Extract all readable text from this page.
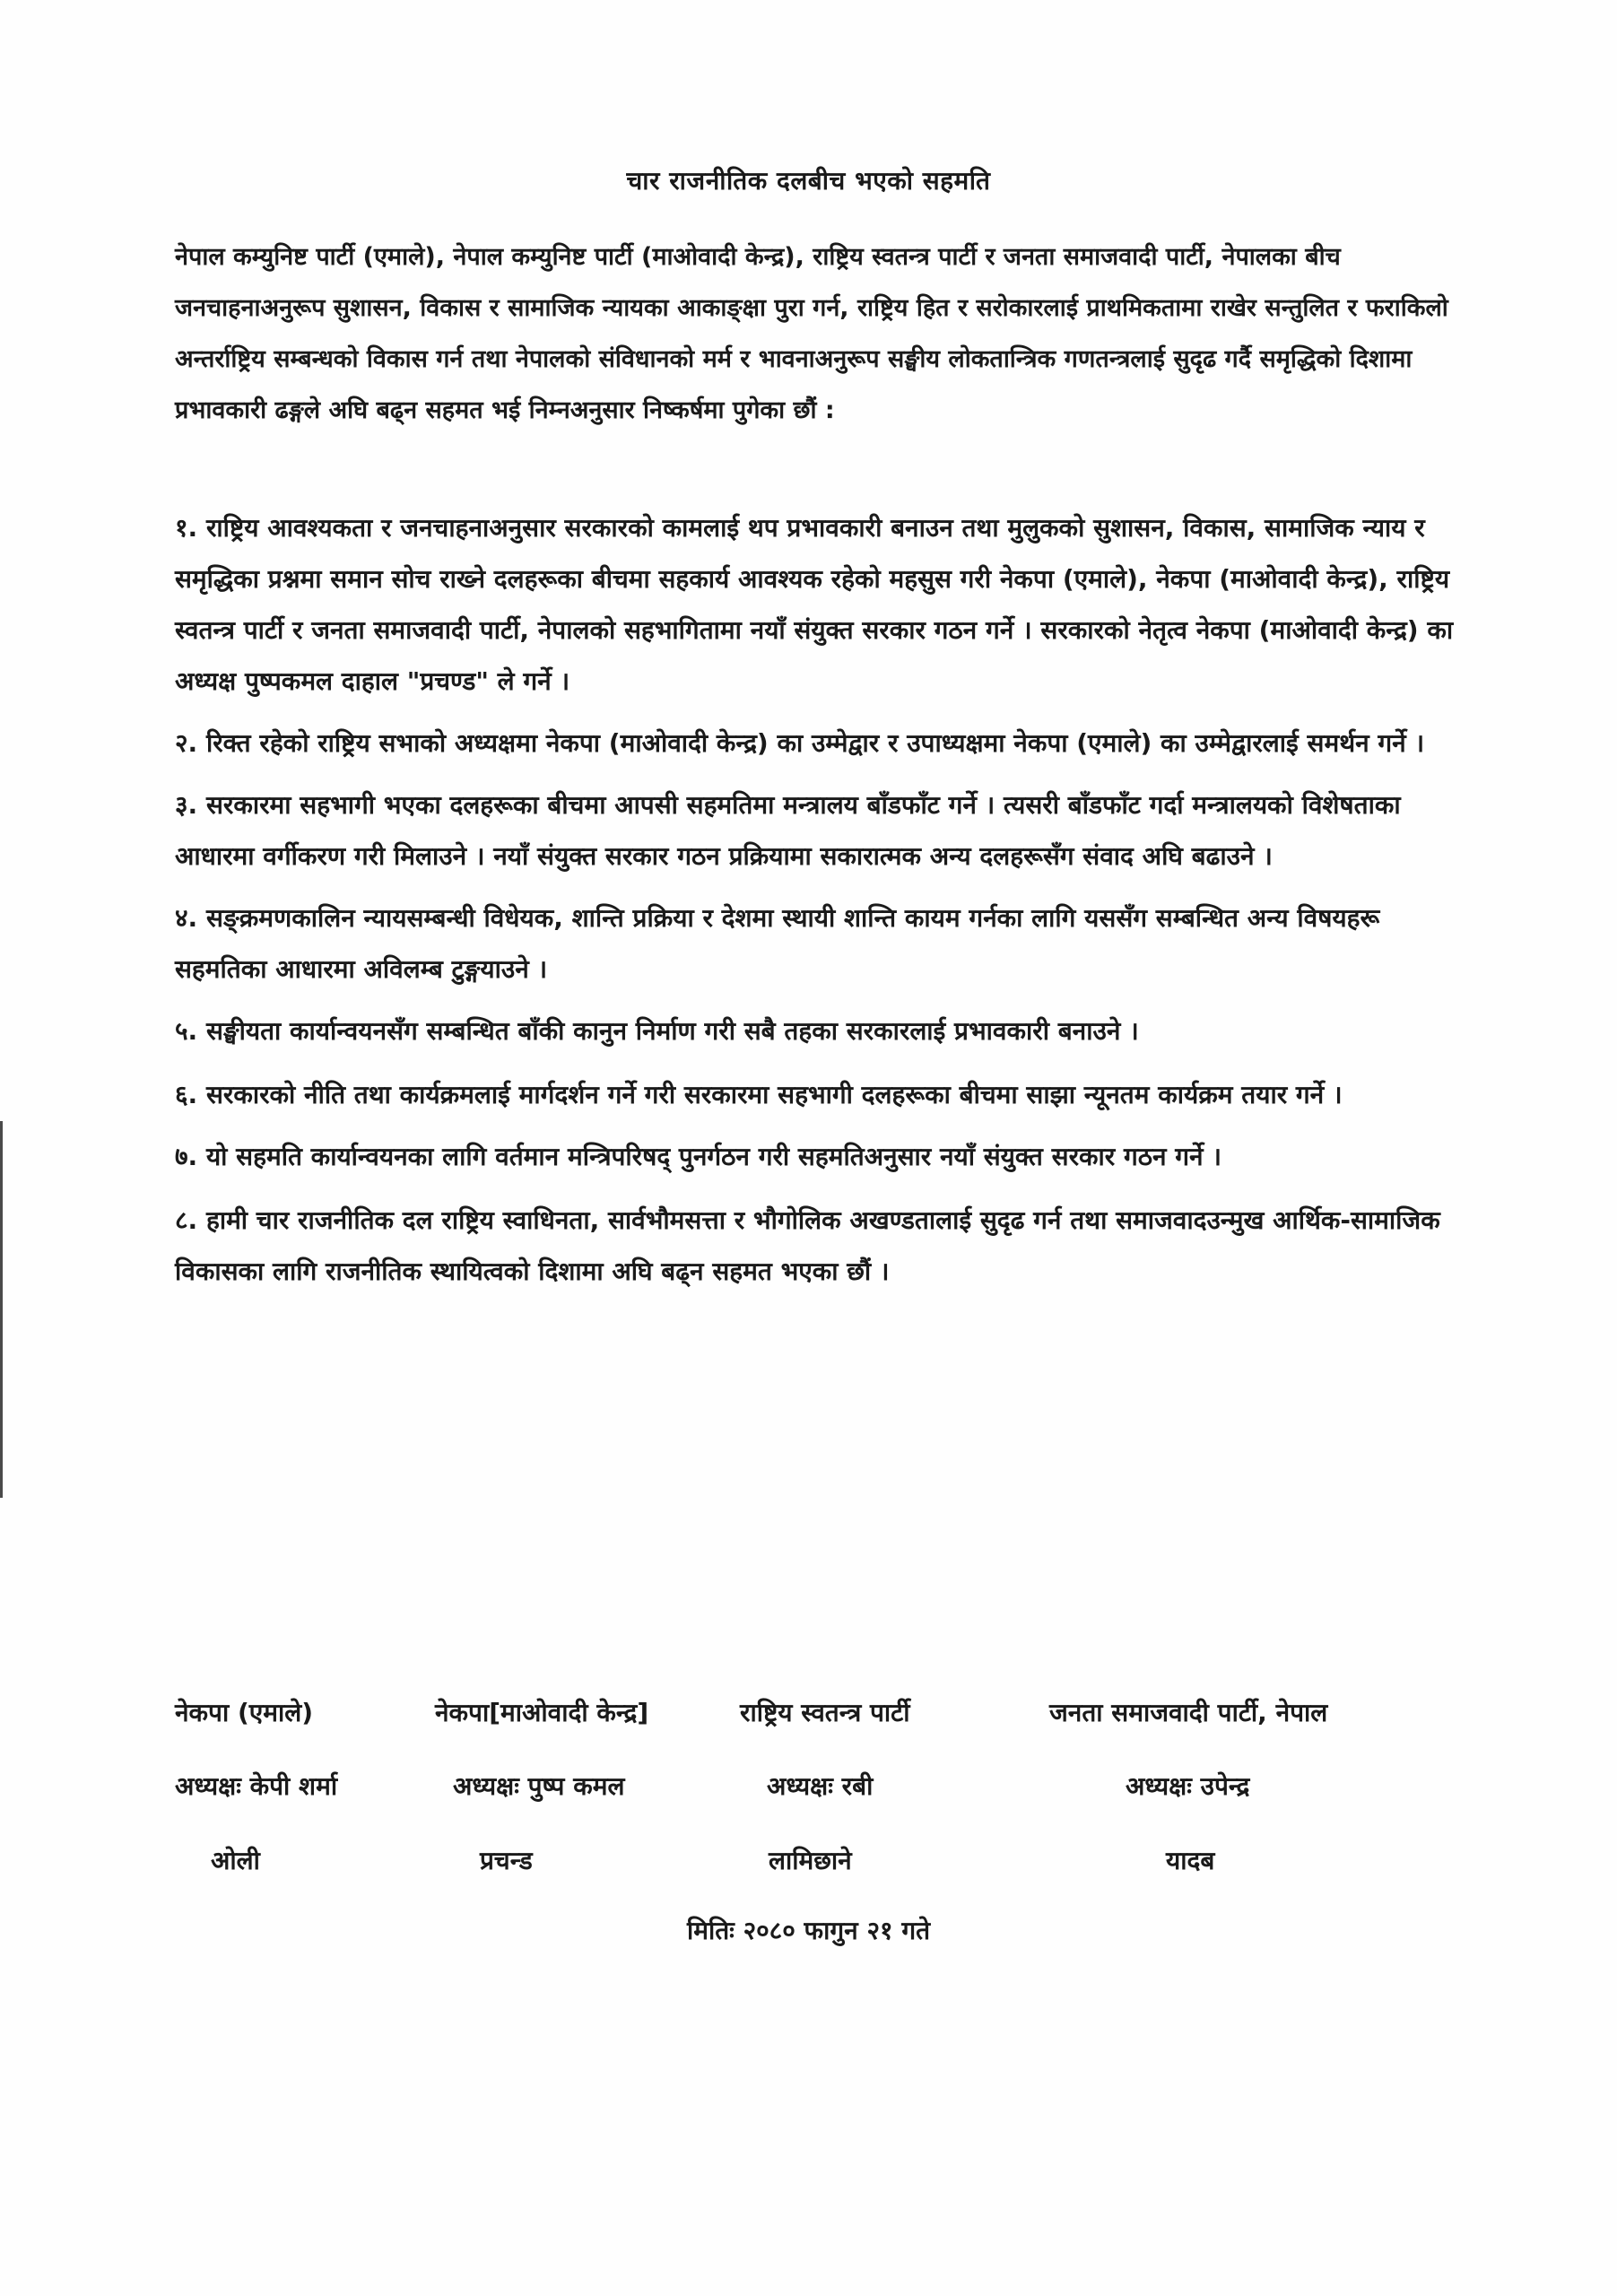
चार राजनीतिक दलबीच भएको सहमति
नेपाल कम्युनिष्ट पार्टी (एमाले), नेपाल कम्युनिष्ट पार्टी (माओवादी केन्द्र), राष्ट्रिय स्वतन्त्र पार्टी र जनता समाजवादी पार्टी, नेपालका बीच जनचाहनाअनुरूप सुशासन, विकास र सामाजिक न्यायका आकाङ्क्षा पुरा गर्न, राष्ट्रिय हित र सरोकारलाई प्राथमिकतामा राखेर सन्तुलित र फराकिलो अन्तर्राष्ट्रिय सम्बन्धको विकास गर्न तथा नेपालको संविधानको मर्म र भावनाअनुरूप सङ्घीय लोकतान्त्रिक गणतन्त्रलाई सुदृढ गर्दै समृद्धिको दिशामा प्रभावकारी ढङ्गले अघि बढ्न सहमत भई निम्नअनुसार निष्कर्षमा पुगेका छौं :

१. राष्ट्रिय आवश्यकता र जनचाहनाअनुसार सरकारको कामलाई थप प्रभावकारी बनाउन तथा मुलुकको सुशासन, विकास, सामाजिक न्याय र समृद्धिका प्रश्नमा समान सोच राख्ने दलहरूका बीचमा सहकार्य आवश्यक रहेको महसुस गरी नेकपा (एमाले), नेकपा (माओवादी केन्द्र), राष्ट्रिय स्वतन्त्र पार्टी र जनता समाजवादी पार्टी, नेपालको सहभागितामा नयाँ संयुक्त सरकार गठन गर्ने । सरकारको नेतृत्व नेकपा (माओवादी केन्द्र) का अध्यक्ष पुष्पकमल दाहाल "प्रचण्ड" ले गर्ने ।

२. रिक्त रहेको राष्ट्रिय सभाको अध्यक्षमा नेकपा (माओवादी केन्द्र) का उम्मेद्वार र उपाध्यक्षमा नेकपा (एमाले) का उम्मेद्वारलाई समर्थन गर्ने ।

३. सरकारमा सहभागी भएका दलहरूका बीचमा आपसी सहमतिमा मन्त्रालय बाँडफाँट गर्ने । त्यसरी बाँडफाँट गर्दा मन्त्रालयको विशेषताका आधारमा वर्गीकरण गरी मिलाउने । नयाँ संयुक्त सरकार गठन प्रक्रियामा सकारात्मक अन्य दलहरूसँग संवाद अघि बढाउने ।

४. सङ्क्रमणकालिन न्यायसम्बन्धी विधेयक, शान्ति प्रक्रिया र देशमा स्थायी शान्ति कायम गर्नका लागि यससँग सम्बन्धित अन्य विषयहरू सहमतिका आधारमा अविलम्ब टुङ्गयाउने ।

५. सङ्घीयता कार्यान्वयनसँग सम्बन्धित बाँकी कानुन निर्माण गरी सबै तहका सरकारलाई प्रभावकारी बनाउने ।

६. सरकारको नीति तथा कार्यक्रमलाई मार्गदर्शन गर्ने गरी सरकारमा सहभागी दलहरूका बीचमा साझा न्यूनतम कार्यक्रम तयार गर्ने ।

७. यो सहमति कार्यान्वयनका लागि वर्तमान मन्त्रिपरिषद् पुनर्गठन गरी सहमतिअनुसार नयाँ संयुक्त सरकार गठन गर्ने ।

८. हामी चार राजनीतिक दल राष्ट्रिय स्वाधिनता, सार्वभौमसत्ता र भौगोलिक अखण्डतालाई सुदृढ गर्न तथा समाजवादउन्मुख आर्थिक-सामाजिक विकासका लागि राजनीतिक स्थायित्वको दिशामा अघि बढ्न सहमत भएका छौं ।

नेकपा (एमाले)	नेकपा[माओवादी केन्द्र]	राष्ट्रिय स्वतन्त्र पार्टी	जनता समाजवादी पार्टी, नेपाल
अध्यक्षः केपी शर्मा	अध्यक्षः पुष्प कमल	अध्यक्षः रबी	अध्यक्षः उपेन्द्र
ओली	प्रचन्ड	लामिछाने	यादब
मितिः २०८० फागुन २१ गते
